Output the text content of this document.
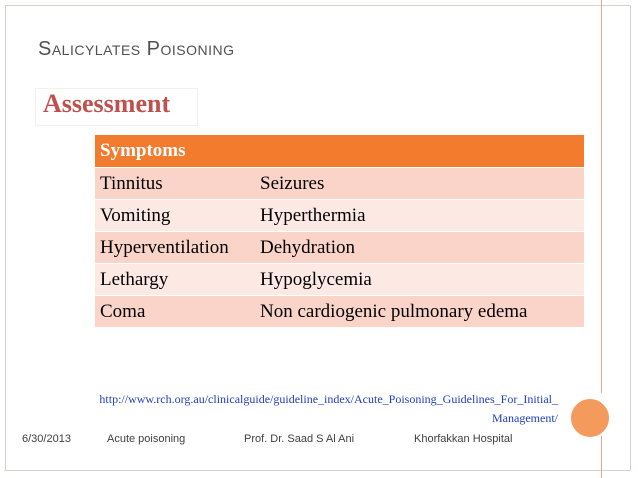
Salicylates Poisoning
Assessment
Symptoms	
Tinnitus	Seizures
Vomiting	Hyperthermia
Hyperventilation	Dehydration
Lethargy	Hypoglycemia
Coma	Non cardiogenic pulmonary edema
http://www.rch.org.au/clinicalguide/guideline_index/Acute_Poisoning_Guidelines_For_Initial_
Management/
6/30/2013	Acute poisoning	Prof. Dr. Saad S Al Ani	Khorfakkan Hospital
